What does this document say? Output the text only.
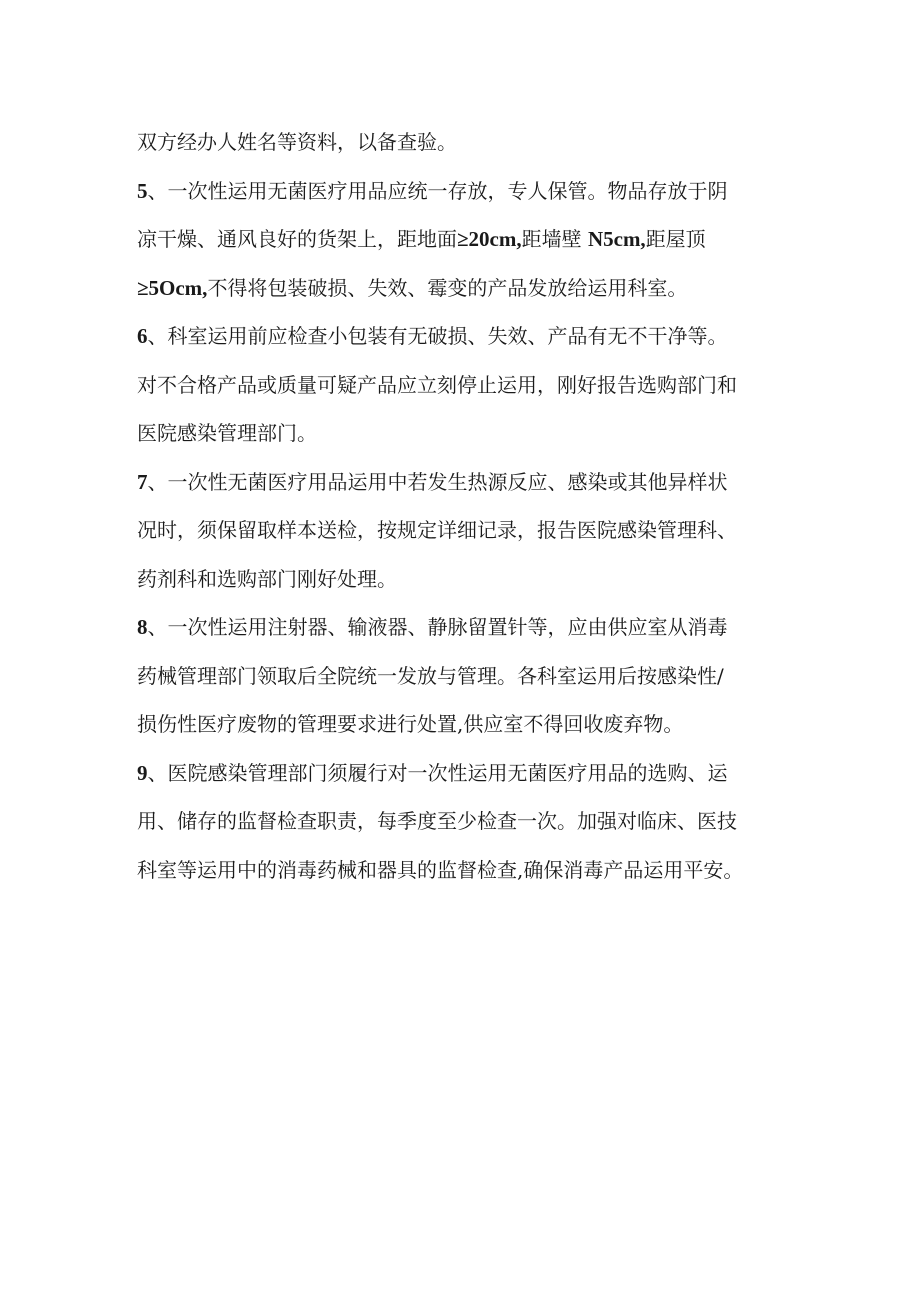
双方经办人姓名等资料，以备查验。
5、一次性运用无菌医疗用品应统一存放，专人保管。物品存放于阴
凉干燥、通风良好的货架上，距地面≥20cm,距墙壁 N5cm,距屋顶
≥5Ocm,不得将包装破损、失效、霉变的产品发放给运用科室。
6、科室运用前应检查小包装有无破损、失效、产品有无不干净等。
对不合格产品或质量可疑产品应立刻停止运用，刚好报告选购部门和
医院感染管理部门。
7、一次性无菌医疗用品运用中若发生热源反应、感染或其他异样状
况时，须保留取样本送检，按规定详细记录，报告医院感染管理科、
药剂科和选购部门刚好处理。
8、一次性运用注射器、输液器、静脉留置针等，应由供应室从消毒
药械管理部门领取后全院统一发放与管理。各科室运用后按感染性/
损伤性医疗废物的管理要求进行处置,供应室不得回收废弃物。
9、医院感染管理部门须履行对一次性运用无菌医疗用品的选购、运
用、储存的监督检查职责，每季度至少检查一次。加强对临床、医技
科室等运用中的消毒药械和器具的监督检查,确保消毒产品运用平安。
